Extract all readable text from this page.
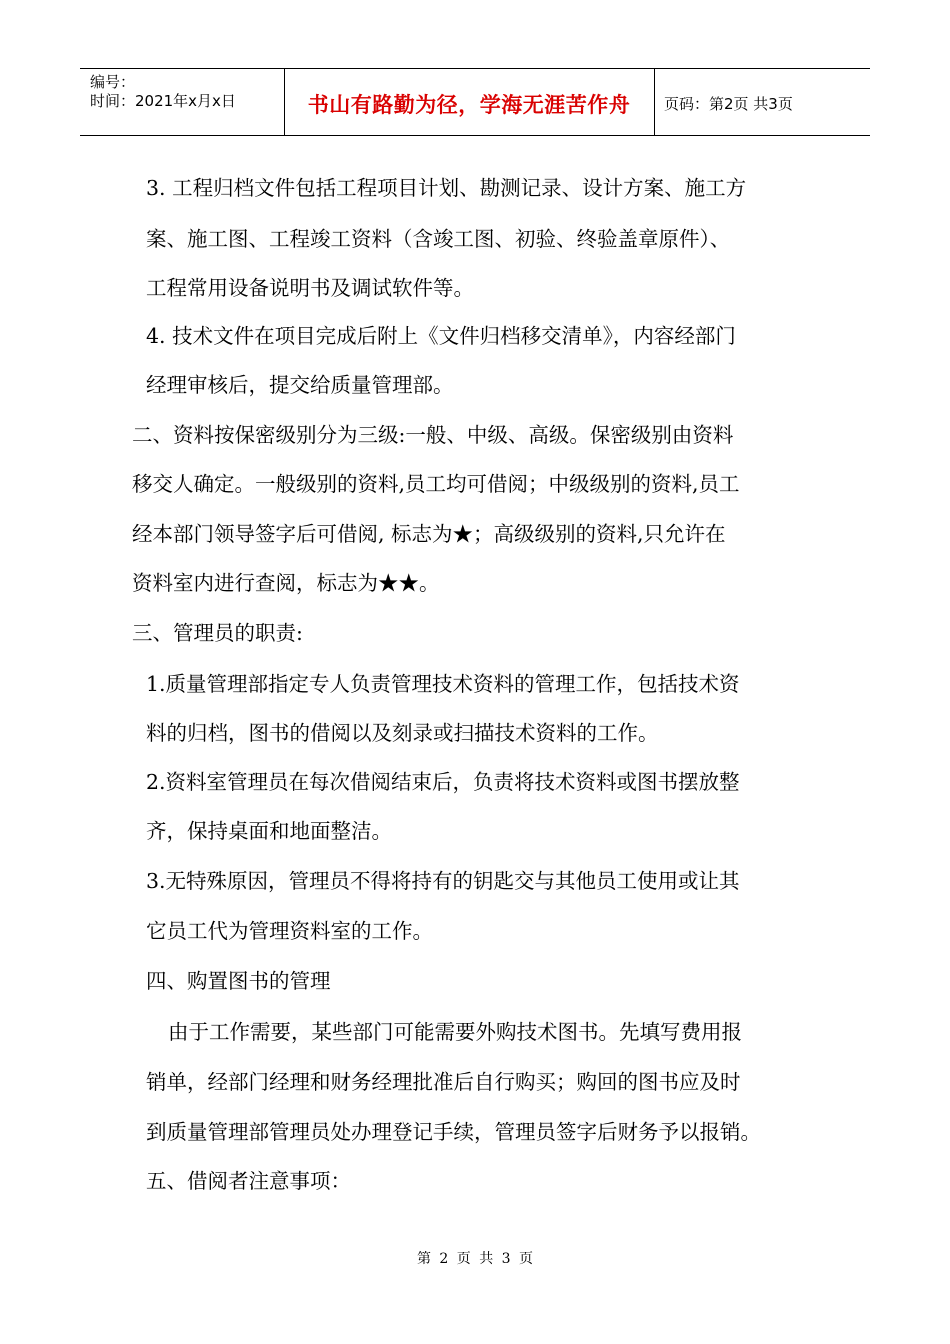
编号：
时间：2021年x月x日	书山有路勤为径，学海无涯苦作舟	页码：第2页 共3页
3. 工程归档文件包括工程项目计划、勘测记录、设计方案、施工方
案、施工图、工程竣工资料（含竣工图、初验、终验盖章原件）、
工程常用设备说明书及调试软件等。
4. 技术文件在项目完成后附上《文件归档移交清单》，内容经部门
经理审核后，提交给质量管理部。
二、资料按保密级别分为三级:一般、中级、高级。保密级别由资料
移交人确定。一般级别的资料,员工均可借阅；中级级别的资料,员工
经本部门领导签字后可借阅, 标志为★；高级级别的资料,只允许在
资料室内进行查阅，标志为★★。
三、管理员的职责:
1.质量管理部指定专人负责管理技术资料的管理工作，包括技术资
料的归档，图书的借阅以及刻录或扫描技术资料的工作。
2.资料室管理员在每次借阅结束后，负责将技术资料或图书摆放整
齐，保持桌面和地面整洁。
3.无特殊原因，管理员不得将持有的钥匙交与其他员工使用或让其
它员工代为管理资料室的工作。
四、购置图书的管理
由于工作需要，某些部门可能需要外购技术图书。先填写费用报
销单，经部门经理和财务经理批准后自行购买；购回的图书应及时
到质量管理部管理员处办理登记手续，管理员签字后财务予以报销。
五、借阅者注意事项：
第 2 页 共 3 页
